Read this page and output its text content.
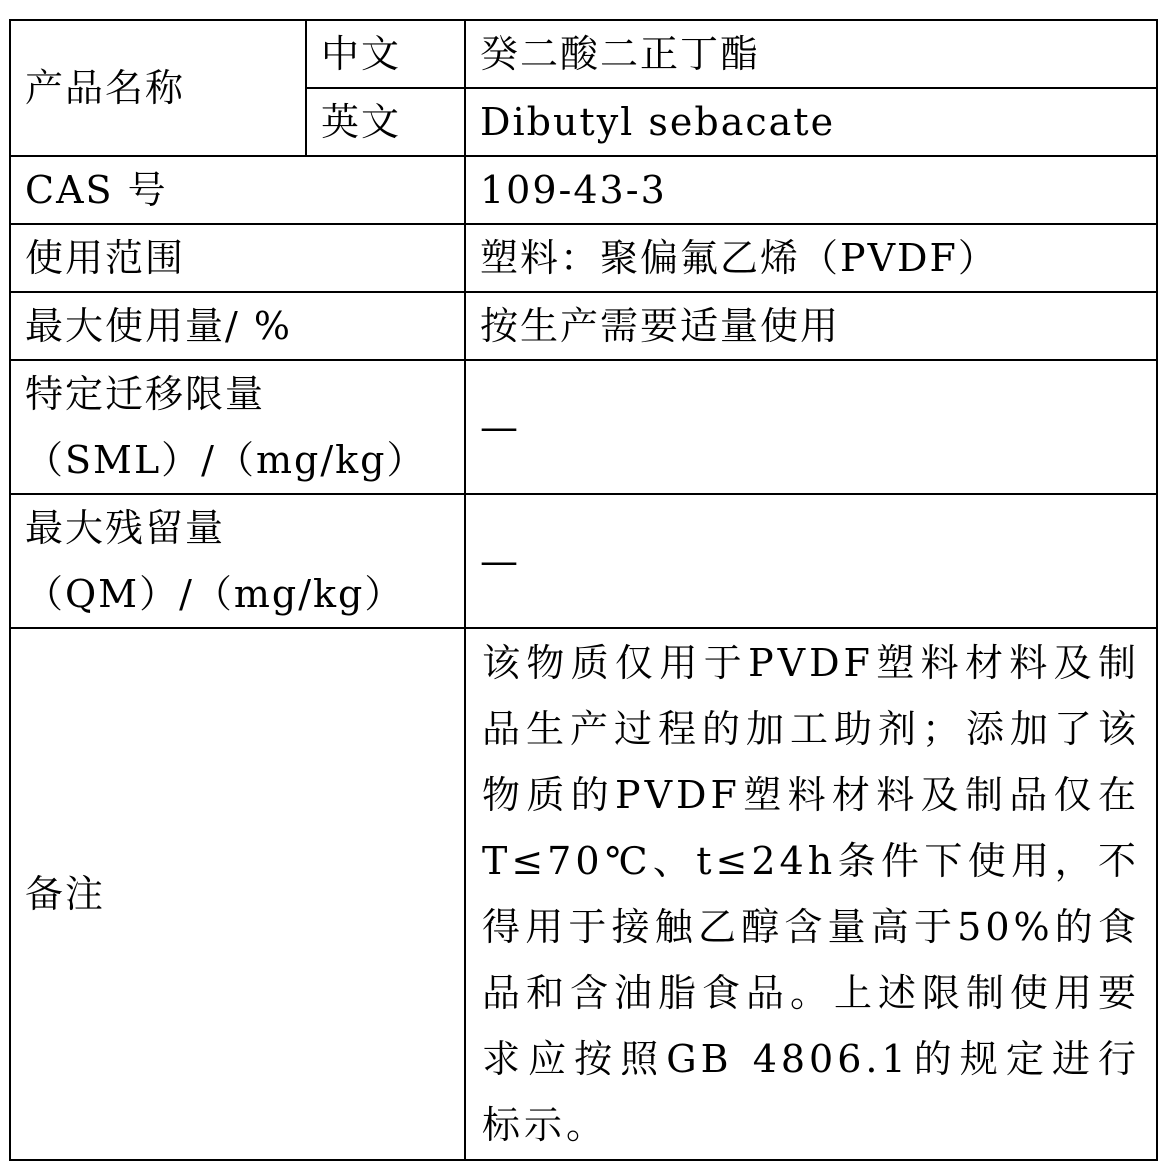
产品名称	中文	癸二酸二正丁酯
	英文	Dibutyl sebacate
CAS 号		109-43-3
使用范围		塑料：聚偏氟乙烯（PVDF）
最大使用量/ %		按生产需要适量使用

特定迁移限量
（SML）/（mg/kg）		—

最大残留量
（QM）/（mg/kg）		—
备注		该物质仅用于PVDF塑料材料及制品生产过程的加工助剂；添加了该物质的PVDF塑料材料及制品仅在T≤70℃、t≤24h条件下使用，不得用于接触乙醇含量高于50%的食品和含油脂食品。上述限制使用要求应按照GB 4806.1的规定进行标示。
